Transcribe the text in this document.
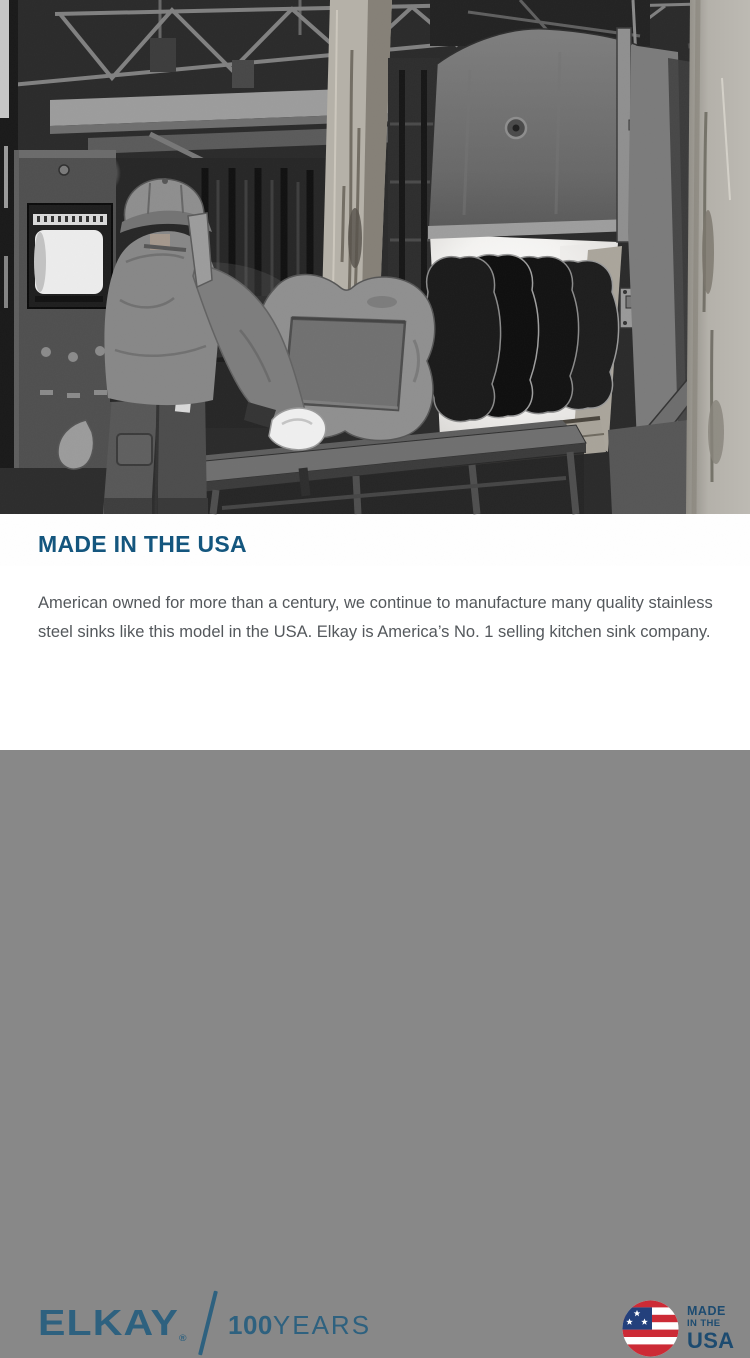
MADE IN THE USA

American owned for more than a century, we continue to manufacture many quality stainless steel sinks like this model in the USA. Elkay is America’s No. 1 selling kitchen sink company.

ELKAY® 100YEARS	MADE
IN THE
USA
